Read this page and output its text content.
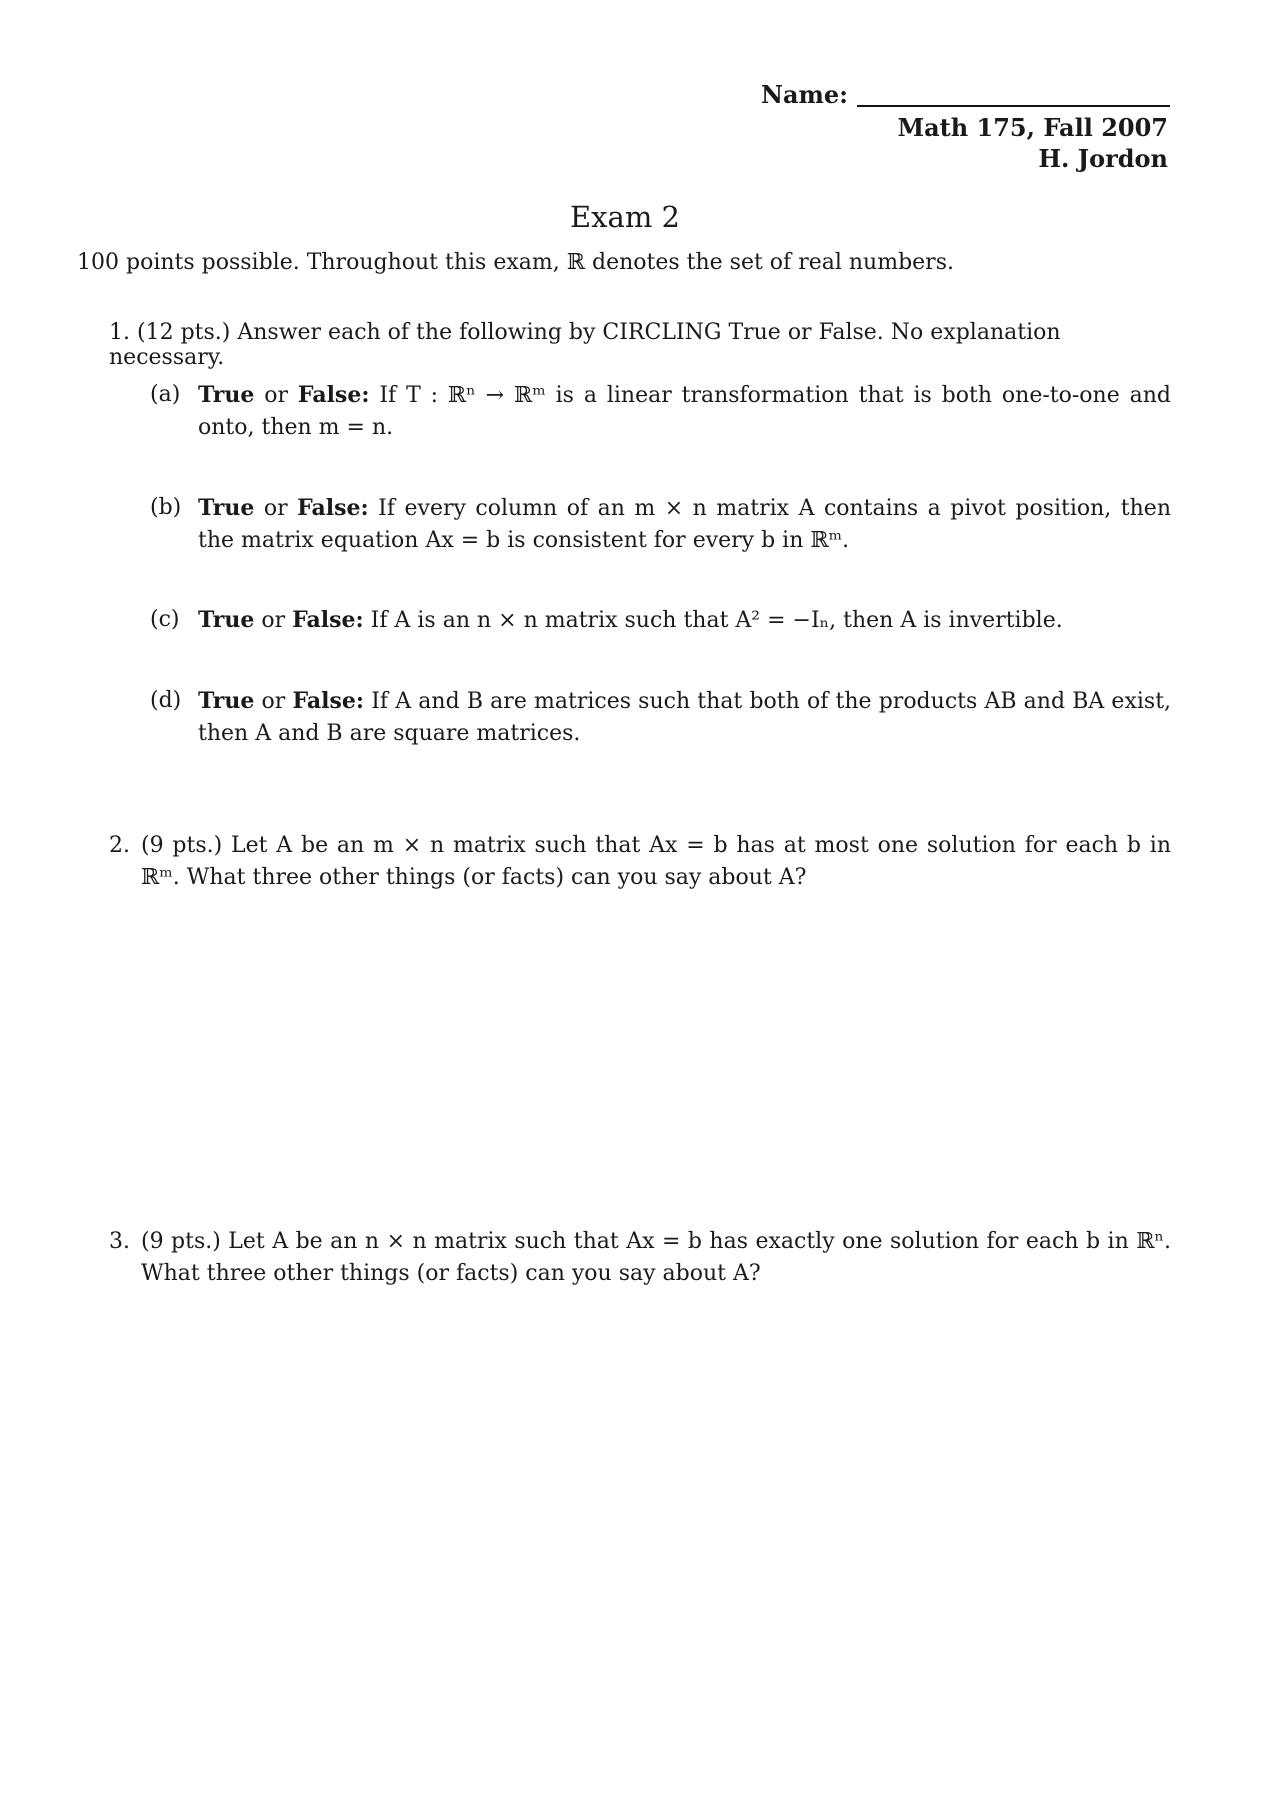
Name:
Math 175, Fall 2007
H. Jordon
Exam 2
100 points possible. Throughout this exam, ℝ denotes the set of real numbers.
1. (12 pts.) Answer each of the following by CIRCLING True or False. No explanation necessary.
(a) True or False: If T : ℝⁿ → ℝᵐ is a linear transformation that is both one-to-one and onto, then m = n.
(b) True or False: If every column of an m × n matrix A contains a pivot position, then the matrix equation Ax = b is consistent for every b in ℝᵐ.
(c) True or False: If A is an n × n matrix such that A² = −Iₙ, then A is invertible.
(d) True or False: If A and B are matrices such that both of the products AB and BA exist, then A and B are square matrices.
2. (9 pts.) Let A be an m × n matrix such that Ax = b has at most one solution for each b in ℝᵐ. What three other things (or facts) can you say about A?
3. (9 pts.) Let A be an n × n matrix such that Ax = b has exactly one solution for each b in ℝⁿ. What three other things (or facts) can you say about A?
